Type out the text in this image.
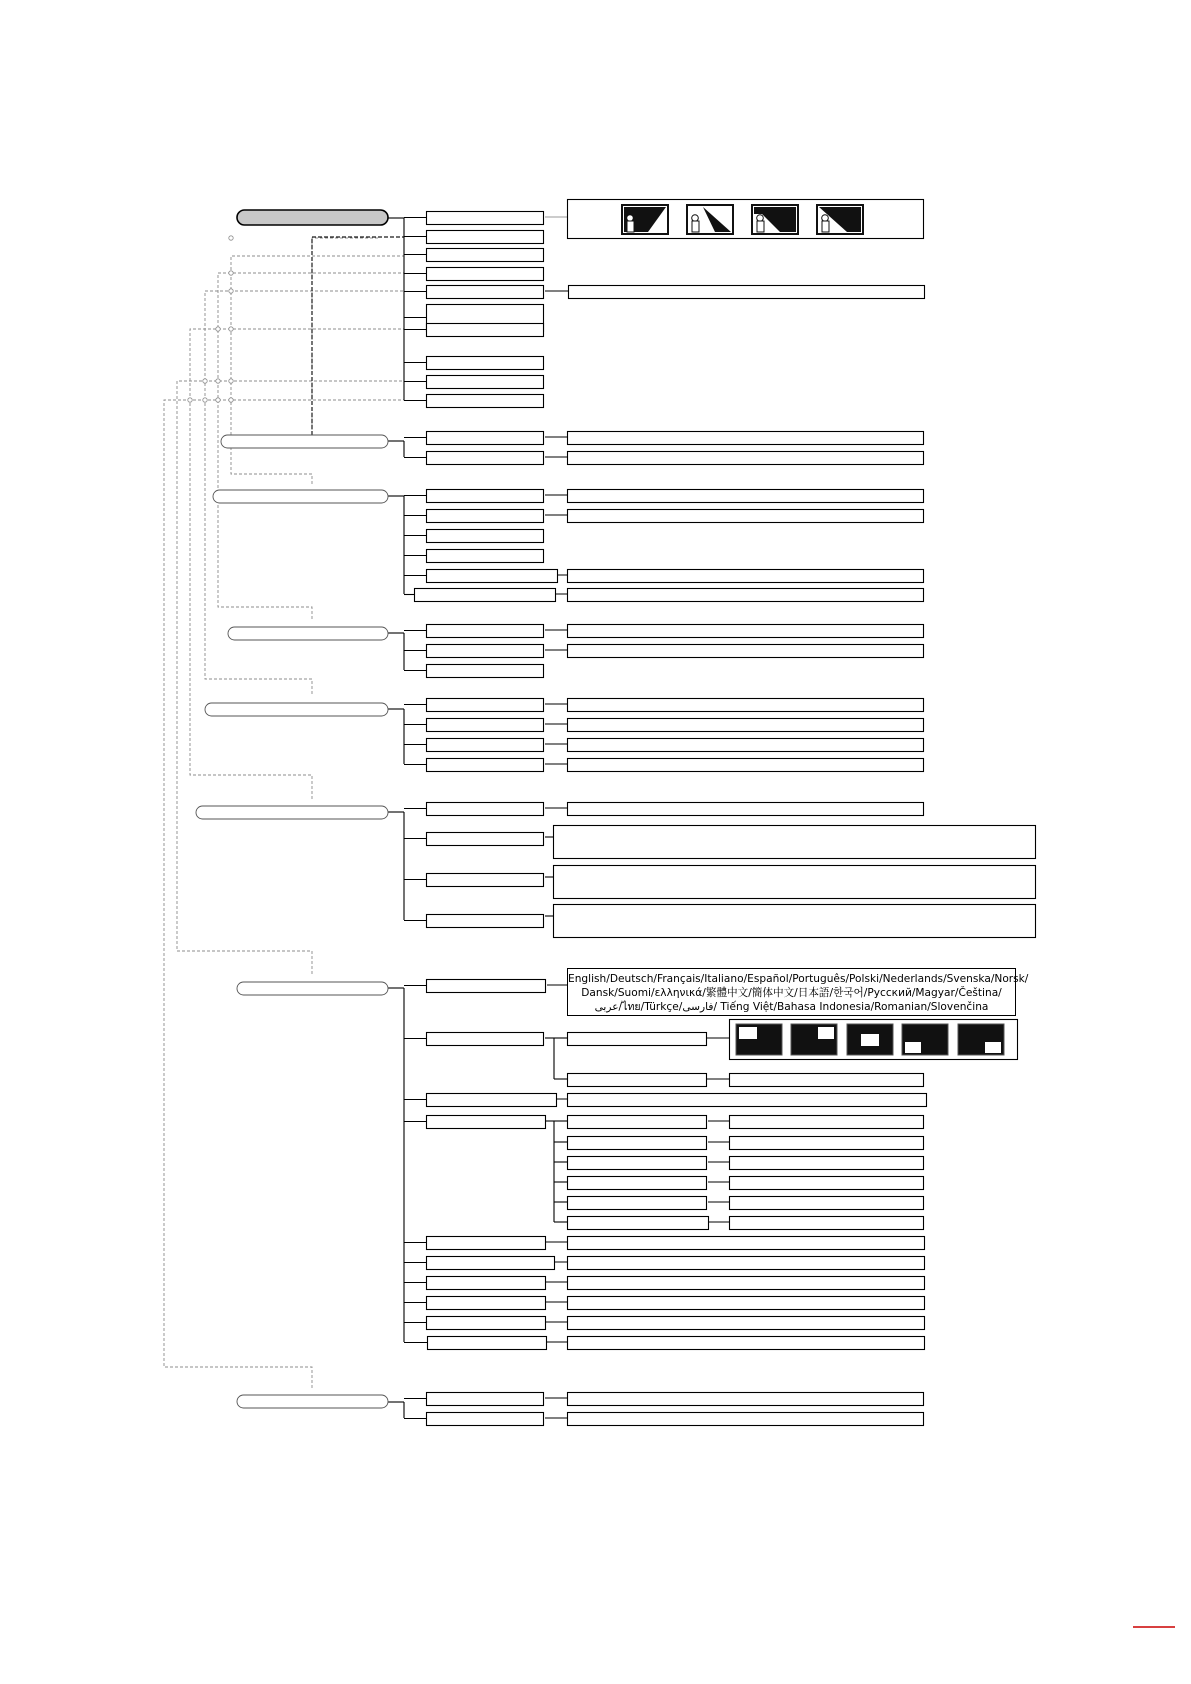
English/Deutsch/Français/Italiano/Español/Português/Polski/Nederlands/Svenska/Norsk/
Dansk/Suomi/ελληνικά/繁體中文/簡体中文/日本語/한국어/Русский/Magyar/Čeština/
عربى/ไทย/Türkçe/فارسی/ Tiếng Việt/Bahasa Indonesia/Romanian/Slovenčina
